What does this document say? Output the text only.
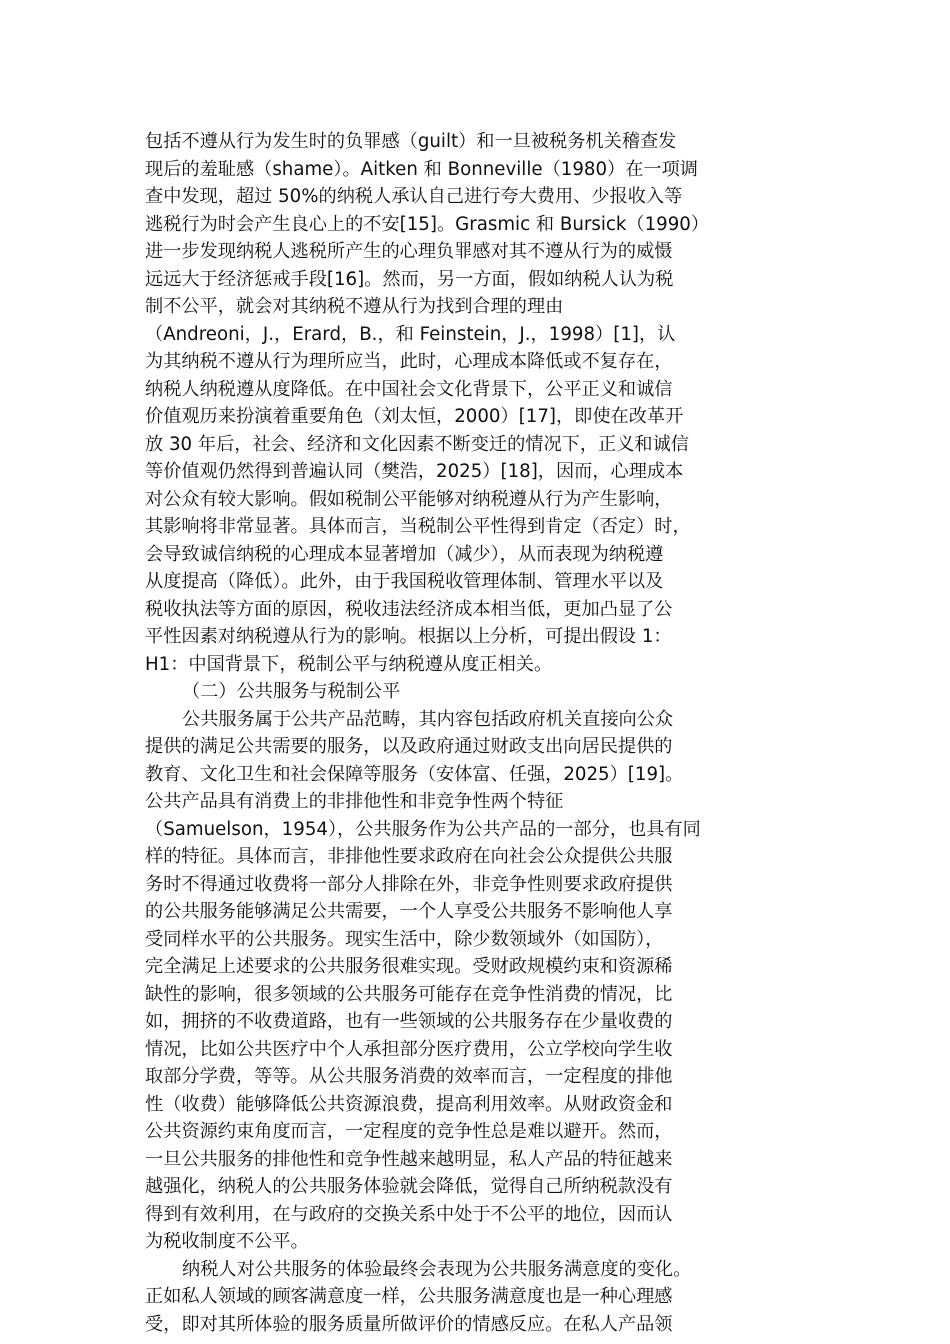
包括不遵从行为发生时的负罪感（guilt）和一旦被税务机关稽查发
现后的羞耻感（shame）。Aitken 和 Bonneville（1980）在一项调
查中发现，超过 50%的纳税人承认自己进行夸大费用、少报收入等
逃税行为时会产生良心上的不安[15]。Grasmic 和 Bursick（1990）
进一步发现纳税人逃税所产生的心理负罪感对其不遵从行为的威慑
远远大于经济惩戒手段[16]。然而，另一方面，假如纳税人认为税
制不公平，就会对其纳税不遵从行为找到合理的理由
（Andreoni，J.，Erard，B.，和 Feinstein，J.，1998）[1]，认
为其纳税不遵从行为理所应当，此时，心理成本降低或不复存在，
纳税人纳税遵从度降低。在中国社会文化背景下，公平正义和诚信
价值观历来扮演着重要角色（刘太恒，2000）[17]，即使在改革开
放 30 年后，社会、经济和文化因素不断变迁的情况下，正义和诚信
等价值观仍然得到普遍认同（樊浩，2025）[18]，因而，心理成本
对公众有较大影响。假如税制公平能够对纳税遵从行为产生影响，
其影响将非常显著。具体而言，当税制公平性得到肯定（否定）时，
会导致诚信纳税的心理成本显著增加（减少），从而表现为纳税遵
从度提高（降低）。此外，由于我国税收管理体制、管理水平以及
税收执法等方面的原因，税收违法经济成本相当低，更加凸显了公
平性因素对纳税遵从行为的影响。根据以上分析，可提出假设 1：
H1：中国背景下，税制公平与纳税遵从度正相关。

（二）公共服务与税制公平

公共服务属于公共产品范畴，其内容包括政府机关直接向公众
提供的满足公共需要的服务，以及政府通过财政支出向居民提供的
教育、文化卫生和社会保障等服务（安体富、任强，2025）[19]。
公共产品具有消费上的非排他性和非竞争性两个特征
（Samuelson，1954），公共服务作为公共产品的一部分，也具有同
样的特征。具体而言，非排他性要求政府在向社会公众提供公共服
务时不得通过收费将一部分人排除在外，非竞争性则要求政府提供
的公共服务能够满足公共需要，一个人享受公共服务不影响他人享
受同样水平的公共服务。现实生活中，除少数领域外（如国防），
完全满足上述要求的公共服务很难实现。受财政规模约束和资源稀
缺性的影响，很多领域的公共服务可能存在竞争性消费的情况，比
如，拥挤的不收费道路，也有一些领域的公共服务存在少量收费的
情况，比如公共医疗中个人承担部分医疗费用，公立学校向学生收
取部分学费，等等。从公共服务消费的效率而言，一定程度的排他
性（收费）能够降低公共资源浪费，提高利用效率。从财政资金和
公共资源约束角度而言，一定程度的竞争性总是难以避开。然而，
一旦公共服务的排他性和竞争性越来越明显，私人产品的特征越来
越强化，纳税人的公共服务体验就会降低，觉得自己所纳税款没有
得到有效利用，在与政府的交换关系中处于不公平的地位，因而认
为税收制度不公平。

纳税人对公共服务的体验最终会表现为公共服务满意度的变化。
正如私人领域的顾客满意度一样，公共服务满意度也是一种心理感
受，即对其所体验的服务质量所做评价的情感反应。在私人产品领
